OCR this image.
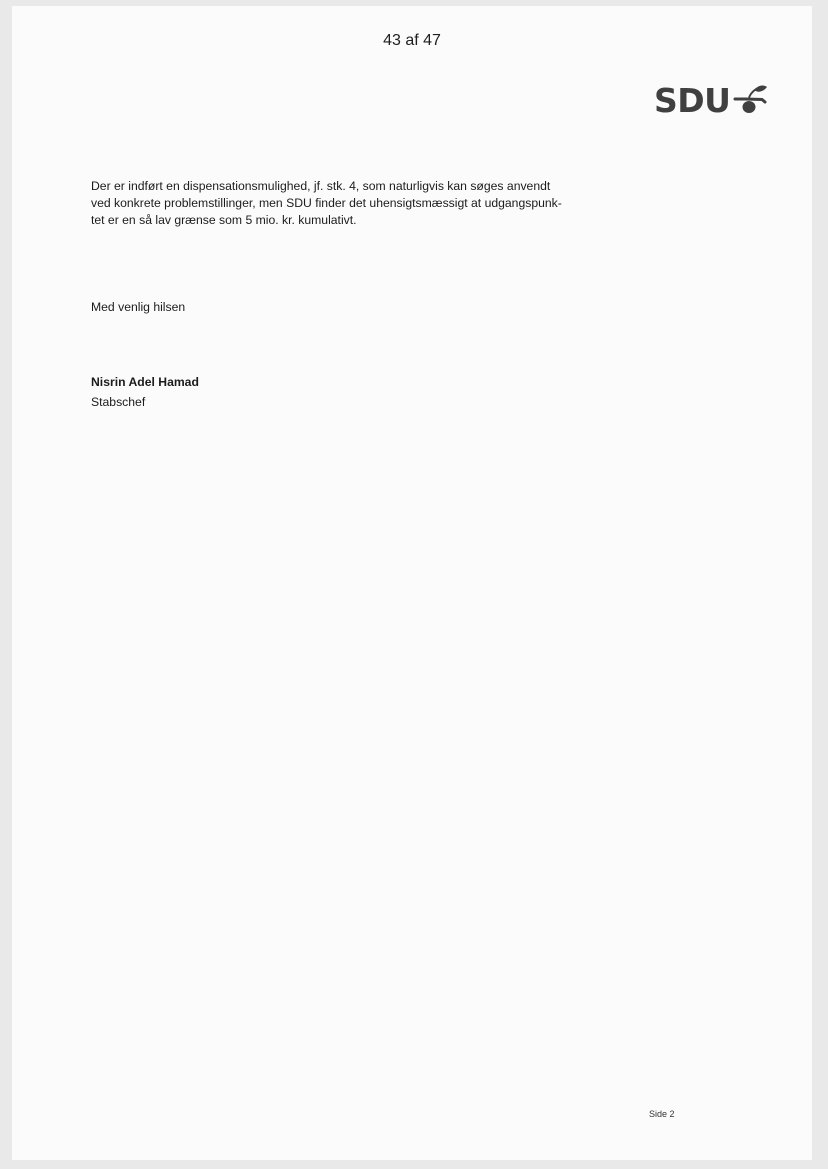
43 af 47
SDU

Der er indført en dispensationsmulighed, jf. stk. 4, som naturligvis kan søges anvendt
ved konkrete problemstillinger, men SDU finder det uhensigtsmæssigt at udgangspunk-
tet er en så lav grænse som 5 mio. kr. kumulativt.

Med venlig hilsen

Nisrin Adel Hamad

Stabschef

Side 2
